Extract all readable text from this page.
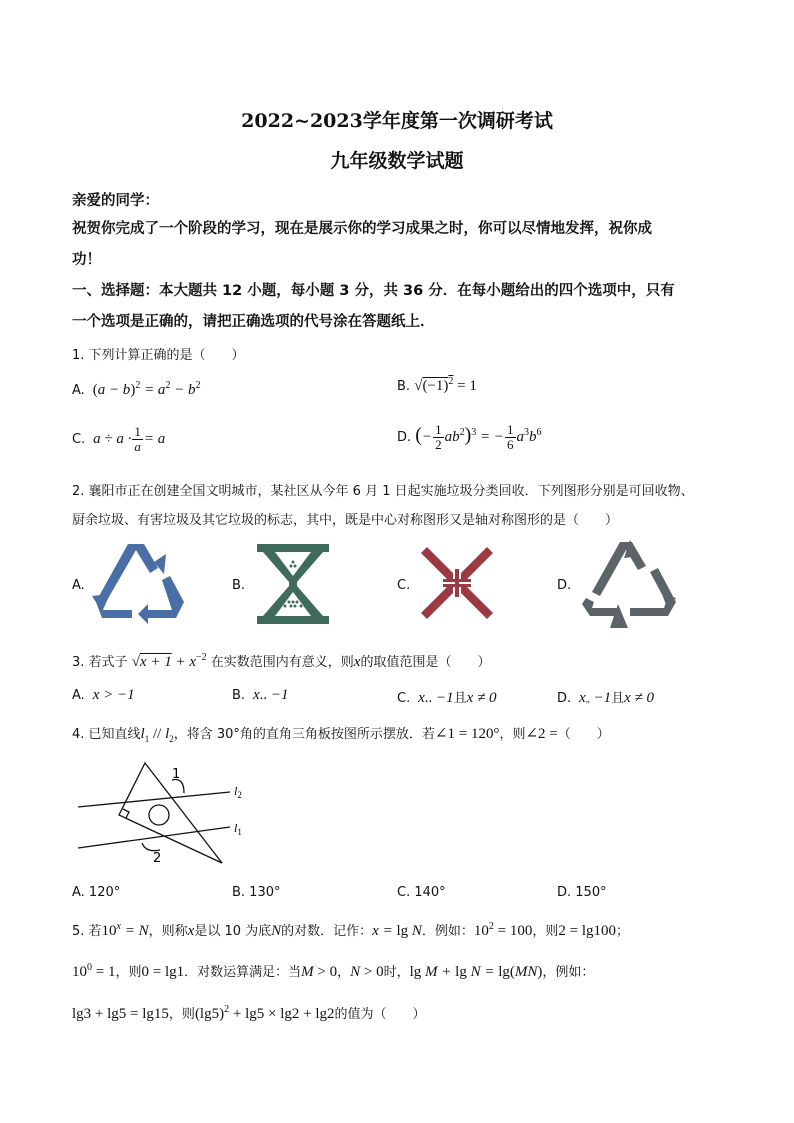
2022~2023学年度第一次调研考试
九年级数学试题
亲爱的同学：
祝贺你完成了一个阶段的学习，现在是展示你的学习成果之时，你可以尽情地发挥，祝你成
功！
一、选择题：本大题共 12 小题，每小题 3 分，共 36 分．在每小题给出的四个选项中，只有
一个选项是正确的，请把正确选项的代号涂在答题纸上．
1. 下列计算正确的是（　　）
A. $(a - b)^2 = a^2 - b^2$	B. $√(-1)^2 = 1$
C.  $a \div a \cdot \frac{1}{a} = a$	D. (− $\frac{1}{2} ab^2)^3$ = − $\frac{1}{6} a^3b^6$
2. 襄阳市正在创建全国文明城市，某社区从今年 6 月 1 日起实施垃圾分类回收．下列图形分别是可回收物、
厨余垃圾、有害垃圾及其它垃圾的标志，其中，既是中心对称图形又是轴对称图形的是（　　）
A.	B.	C.	D.
3. 若式子 $√x + 1 + x^{-2}$ 在实数范围内有意义，则x的取值范围是（　　）
A.  x > −1	B.  x.. −1	C.  x.. −1且x ≠ 0	D.  x„ −1且x ≠ 0
4. 已知直线$l_1 // l_2$，将含 30°角的直角三角板按图所示摆放．若∠1 = 120°，则∠2 =（　　）
1
2
$l_2$
$l_1$
A. 120°	B. 130°	C. 140°	D. 150°
5. 若$10^x = N$，则称x是以 10 为底N的对数．记作：x = lg N．例如：$10^2 = 100$，则2 = lg100；
$10^0 = 1$，则0 = lg1．对数运算满足：当M > 0，N > 0时，lg M + lg N = lg(MN)，例如：
lg3 + lg5 = lg15，则$(\lg 5)^2 + \lg 5 \times \lg 2 + \lg 2$的值为（　　）
